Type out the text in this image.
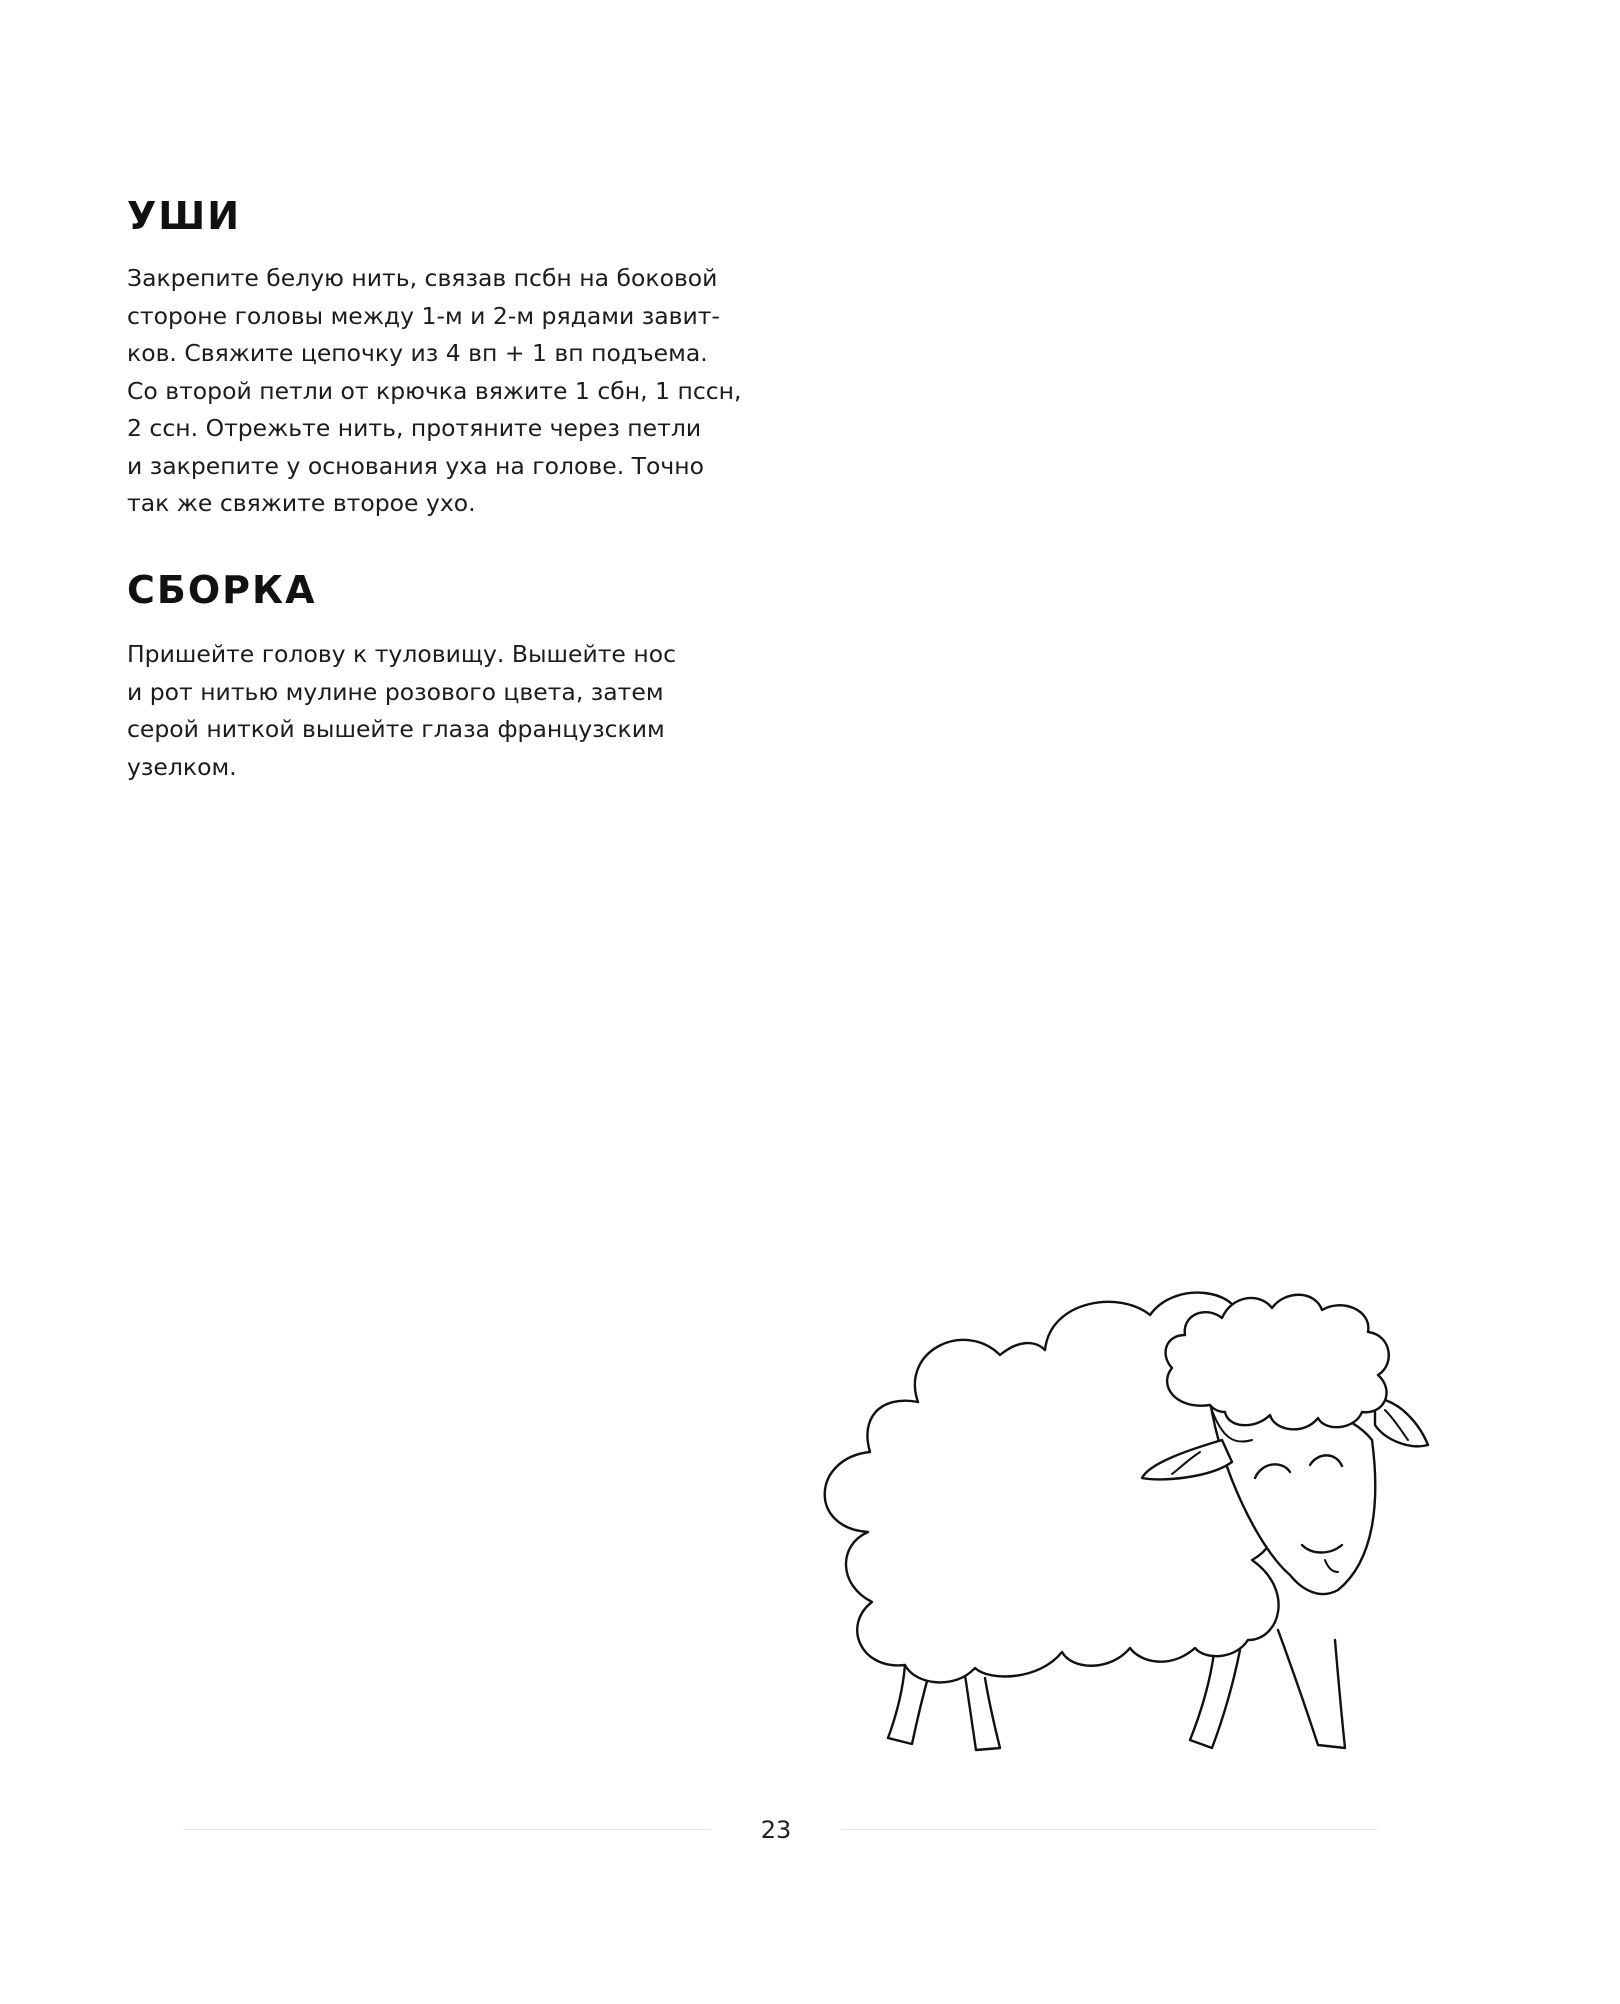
УШИ

Закрепите белую нить, связав псбн на боковой
стороне головы между 1-м и 2-м рядами завит-
ков. Свяжите цепочку из 4 вп + 1 вп подъема.
Со второй петли от крючка вяжите 1 сбн, 1 пссн,
2 ссн. Отрежьте нить, протяните через петли
и закрепите у основания уха на голове. Точно
так же свяжите второе ухо.

СБОРКА

Пришейте голову к туловищу. Вышейте нос
и рот нитью мулине розового цвета, затем
серой ниткой вышейте глаза французским
узелком.

23
